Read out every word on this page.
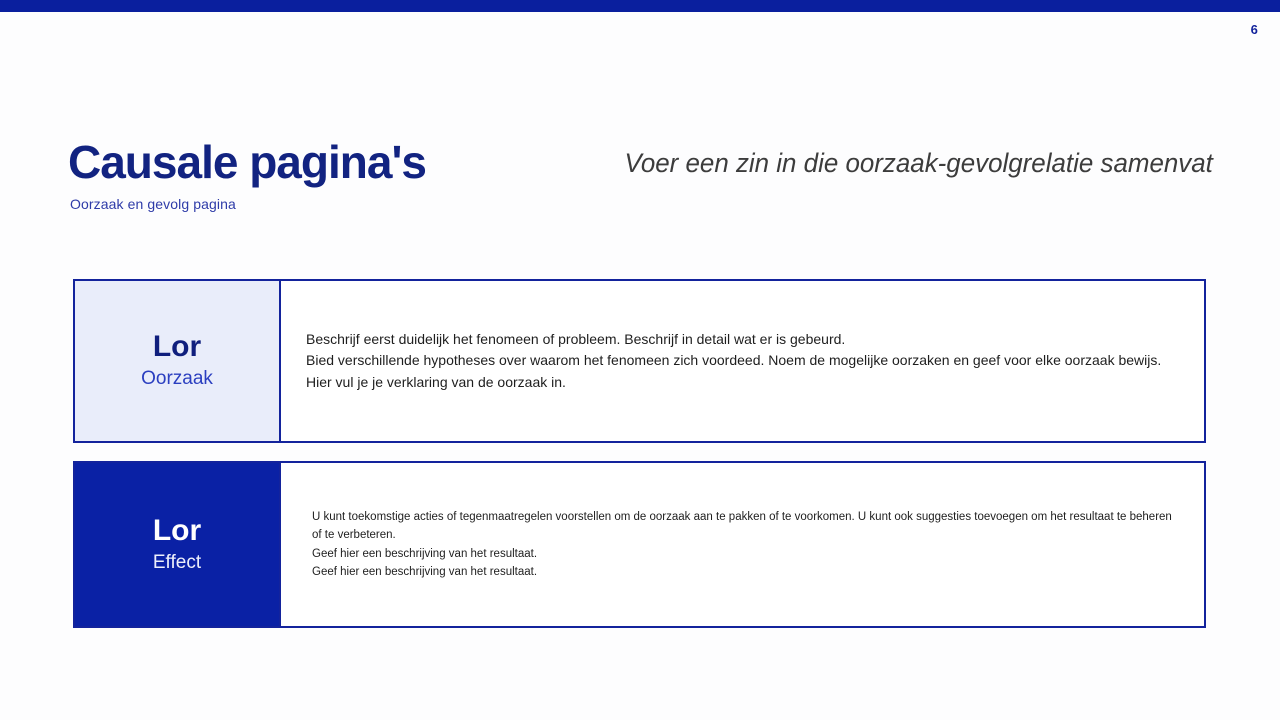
6
Causale pagina's
Oorzaak en gevolg pagina
Voer een zin in die oorzaak-gevolgrelatie samenvat
Lor
Oorzaak

Beschrijf eerst duidelijk het fenomeen of probleem. Beschrijf in detail wat er is gebeurd.

Bied verschillende hypotheses over waarom het fenomeen zich voordeed. Noem de mogelijke oorzaken en geef voor elke oorzaak bewijs.

Hier vul je je verklaring van de oorzaak in.

Lor
Effect

U kunt toekomstige acties of tegenmaatregelen voorstellen om de oorzaak aan te pakken of te voorkomen. U kunt ook suggesties toevoegen om het resultaat te beheren of te verbeteren.

Geef hier een beschrijving van het resultaat.

Geef hier een beschrijving van het resultaat.
